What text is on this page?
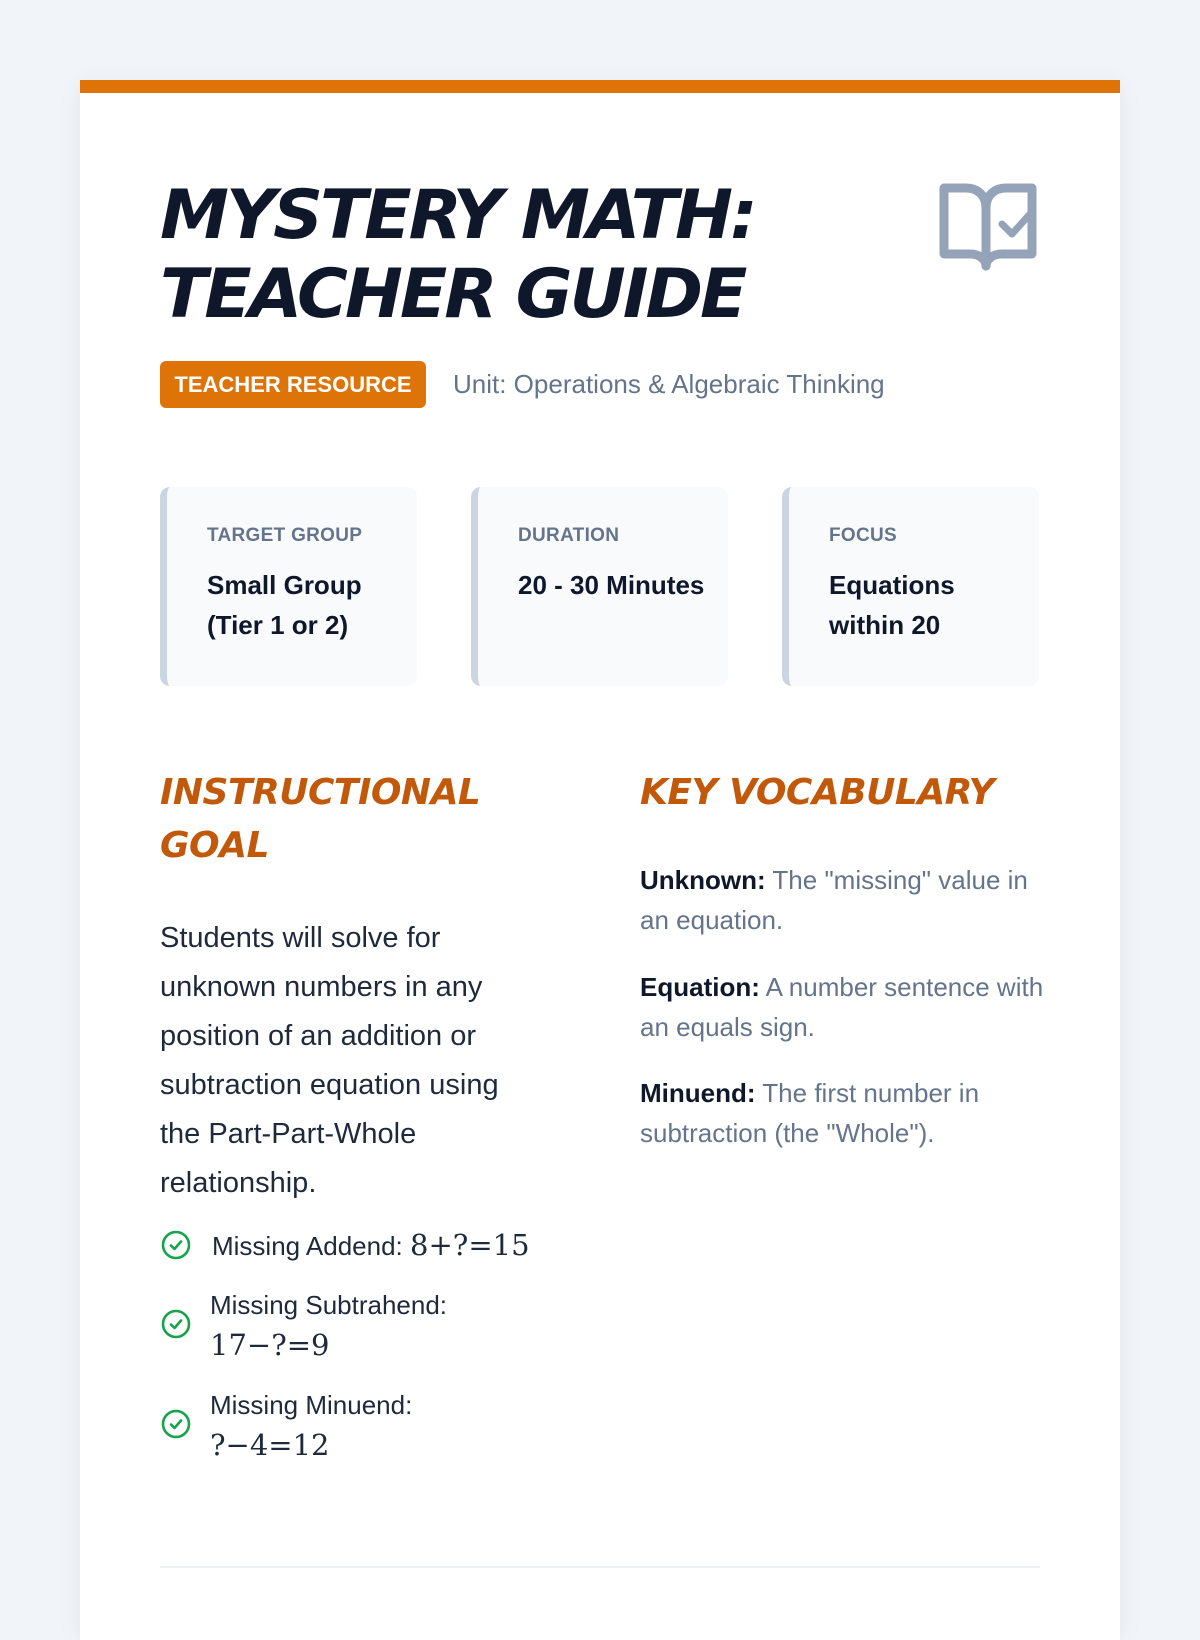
MYSTERY MATH:
TEACHER GUIDE
TEACHER RESOURCE	Unit: Operations & Algebraic Thinking
TARGET GROUP
Small Group (Tier 1 or 2)
DURATION
20 - 30 Minutes
FOCUS
Equations within 20
INSTRUCTIONAL
GOAL

Students will solve for unknown numbers in any position of an addition or subtraction equation using the Part-Part-Whole relationship.

Missing Addend: 8+?=15
Missing Subtrahend:
17−?=9
Missing Minuend:
?−4=12
KEY VOCABULARY

Unknown: The "missing" value in an equation.

Equation: A number sentence with an equals sign.

Minuend: The first number in subtraction (the "Whole").
